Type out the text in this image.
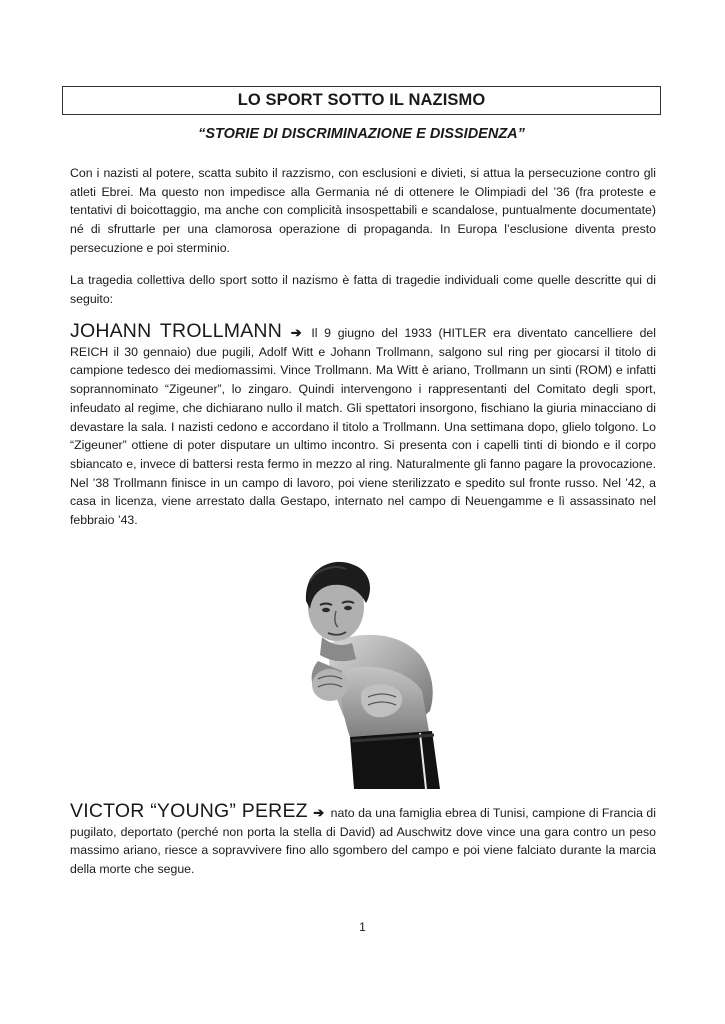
LO SPORT SOTTO IL NAZISMO
“STORIE DI DISCRIMINAZIONE E DISSIDENZA”

Con i nazisti al potere, scatta subito il razzismo, con esclusioni e divieti, si attua la persecuzione contro gli atleti Ebrei. Ma questo non impedisce alla Germania né di ottenere le Olimpiadi del ’36 (fra proteste e tentativi di boicottaggio, ma anche con complicità insospettabili e scandalose, puntualmente documentate) né di sfruttarle per una clamorosa operazione di propaganda. In Europa l’esclusione diventa presto persecuzione e poi sterminio.

La tragedia collettiva dello sport sotto il nazismo è fatta di tragedie individuali come quelle descritte qui di seguito:

JOHANN TROLLMANN ➔ Il 9 giugno del 1933 (HITLER era diventato cancelliere del REICH il 30 gennaio) due pugili, Adolf Witt e Johann Trollmann, salgono sul ring per giocarsi il titolo di campione tedesco dei mediomassimi. Vince Trollmann. Ma Witt è ariano, Trollmann un sinti (ROM) e infatti soprannominato “Zigeuner”, lo zingaro. Quindi intervengono i rappresentanti del Comitato degli sport, infeudato al regime, che dichiarano nullo il match. Gli spettatori insorgono, fischiano la giuria minacciano di devastare la sala. I nazisti cedono e accordano il titolo a Trollmann. Una settimana dopo, glielo tolgono. Lo “Zigeuner” ottiene di poter disputare un ultimo incontro. Si presenta con i capelli tinti di biondo e il corpo sbiancato e, invece di battersi resta fermo in mezzo al ring. Naturalmente gli fanno pagare la provocazione. Nel ’38 Trollmann finisce in un campo di lavoro, poi viene sterilizzato e spedito sul fronte russo. Nel ’42, a casa in licenza, viene arrestato dalla Gestapo, internato nel campo di Neuengamme e lì assassinato nel febbraio ’43.

VICTOR “YOUNG” PEREZ ➔ nato da una famiglia ebrea di Tunisi, campione di Francia di pugilato, deportato (perché non porta la stella di David) ad Auschwitz dove vince una gara contro un peso massimo ariano, riesce a sopravvivere fino allo sgombero del campo e poi viene falciato durante la marcia della morte che segue.

1
